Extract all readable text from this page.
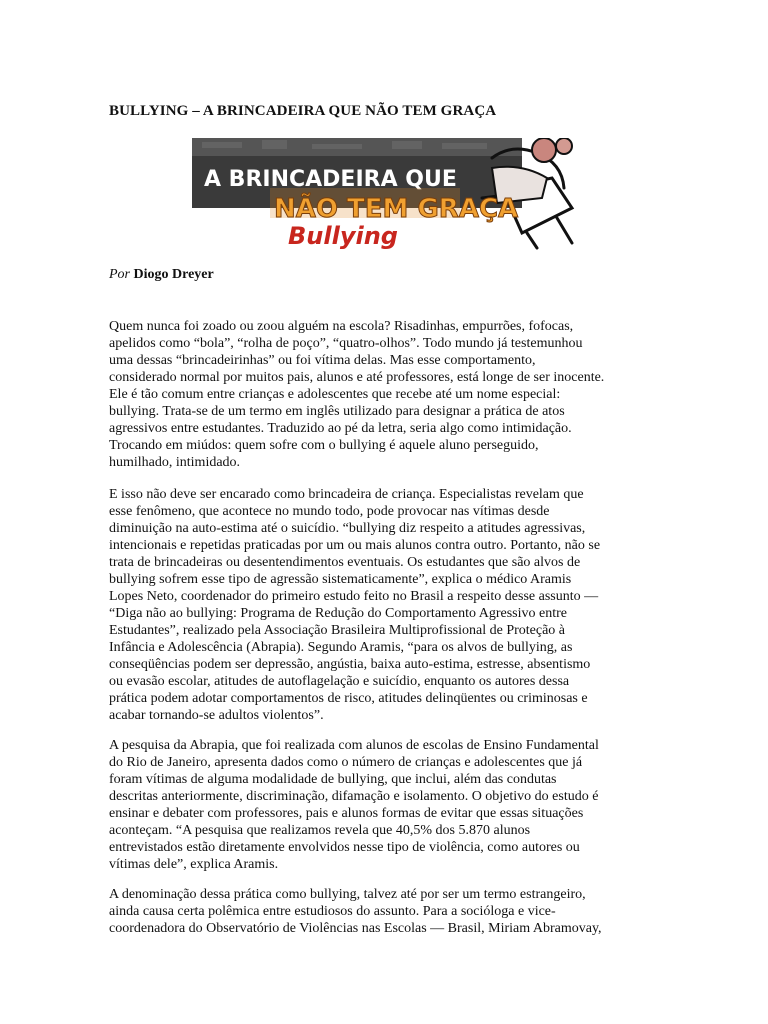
BULLYING – A BRINCADEIRA QUE NÃO TEM GRAÇA
A BRINCADEIRA QUE
NÃO TEM GRAÇA
Bullying
Por Diogo Dreyer
Quem nunca foi zoado ou zoou alguém na escola? Risadinhas, empurrões, fofocas,
apelidos como “bola”, “rolha de poço”, “quatro-olhos”. Todo mundo já testemunhou
uma dessas “brincadeirinhas” ou foi vítima delas. Mas esse comportamento,
considerado normal por muitos pais, alunos e até professores, está longe de ser inocente.
Ele é tão comum entre crianças e adolescentes que recebe até um nome especial:
bullying. Trata-se de um termo em inglês utilizado para designar a prática de atos
agressivos entre estudantes. Traduzido ao pé da letra, seria algo como intimidação.
Trocando em miúdos: quem sofre com o bullying é aquele aluno perseguido,
humilhado, intimidado.
E isso não deve ser encarado como brincadeira de criança. Especialistas revelam que
esse fenômeno, que acontece no mundo todo, pode provocar nas vítimas desde
diminuição na auto-estima até o suicídio. “bullying diz respeito a atitudes agressivas,
intencionais e repetidas praticadas por um ou mais alunos contra outro. Portanto, não se
trata de brincadeiras ou desentendimentos eventuais. Os estudantes que são alvos de
bullying sofrem esse tipo de agressão sistematicamente”, explica o médico Aramis
Lopes Neto, coordenador do primeiro estudo feito no Brasil a respeito desse assunto —
“Diga não ao bullying: Programa de Redução do Comportamento Agressivo entre
Estudantes”, realizado pela Associação Brasileira Multiprofissional de Proteção à
Infância e Adolescência (Abrapia). Segundo Aramis, “para os alvos de bullying, as
conseqüências podem ser depressão, angústia, baixa auto-estima, estresse, absentismo
ou evasão escolar, atitudes de autoflagelação e suicídio, enquanto os autores dessa
prática podem adotar comportamentos de risco, atitudes delinqüentes ou criminosas e
acabar tornando-se adultos violentos”.
A pesquisa da Abrapia, que foi realizada com alunos de escolas de Ensino Fundamental
do Rio de Janeiro, apresenta dados como o número de crianças e adolescentes que já
foram vítimas de alguma modalidade de bullying, que inclui, além das condutas
descritas anteriormente, discriminação, difamação e isolamento. O objetivo do estudo é
ensinar e debater com professores, pais e alunos formas de evitar que essas situações
aconteçam. “A pesquisa que realizamos revela que 40,5% dos 5.870 alunos
entrevistados estão diretamente envolvidos nesse tipo de violência, como autores ou
vítimas dele”, explica Aramis.
A denominação dessa prática como bullying, talvez até por ser um termo estrangeiro,
ainda causa certa polêmica entre estudiosos do assunto. Para a socióloga e vice-
coordenadora do Observatório de Violências nas Escolas — Brasil, Miriam Abramovay,
